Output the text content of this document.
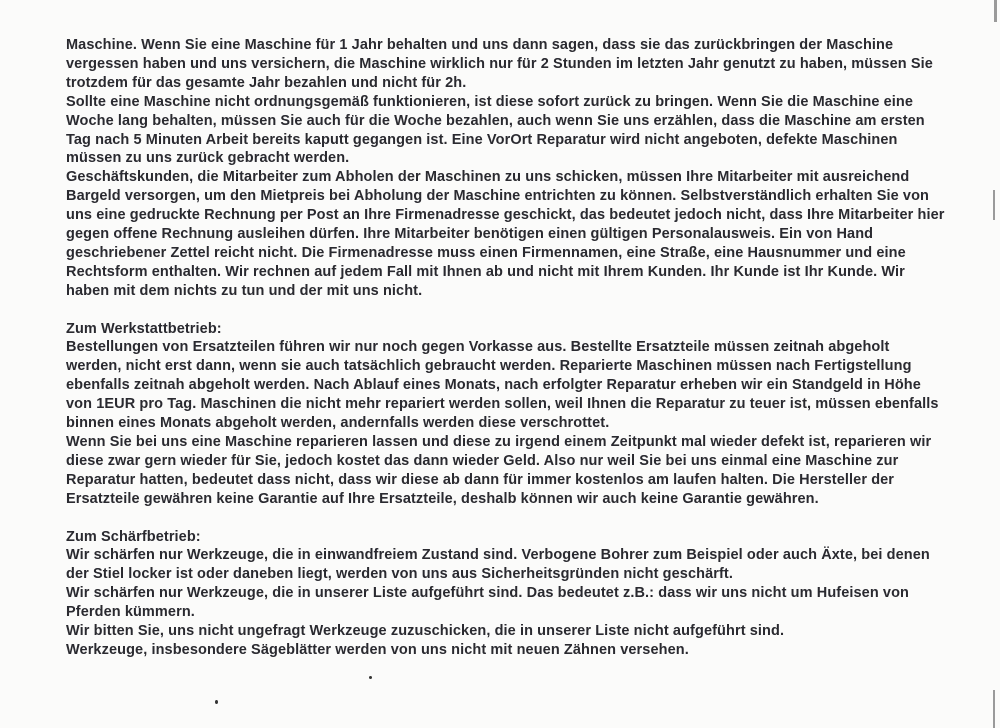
Maschine. Wenn Sie eine Maschine für 1 Jahr behalten und uns dann sagen, dass sie das zurückbringen der Maschine vergessen haben und uns versichern, die Maschine wirklich nur für 2 Stunden im letzten Jahr genutzt zu haben, müssen Sie trotzdem für das gesamte Jahr bezahlen und nicht für 2h.

Sollte eine Maschine nicht ordnungsgemäß funktionieren, ist diese sofort zurück zu bringen. Wenn Sie die Maschine eine Woche lang behalten, müssen Sie auch für die Woche bezahlen, auch wenn Sie uns erzählen, dass die Maschine am ersten Tag nach 5 Minuten Arbeit bereits kaputt gegangen ist. Eine VorOrt Reparatur wird nicht angeboten, defekte Maschinen müssen zu uns zurück gebracht werden.

Geschäftskunden, die Mitarbeiter zum Abholen der Maschinen zu uns schicken, müssen Ihre Mitarbeiter mit ausreichend Bargeld versorgen, um den Mietpreis bei Abholung der Maschine entrichten zu können. Selbstverständlich erhalten Sie von uns eine gedruckte Rechnung per Post an Ihre Firmenadresse geschickt, das bedeutet jedoch nicht, dass Ihre Mitarbeiter hier gegen offene Rechnung ausleihen dürfen. Ihre Mitarbeiter benötigen einen gültigen Personalausweis. Ein von Hand geschriebener Zettel reicht nicht. Die Firmenadresse muss einen Firmennamen, eine Straße, eine Hausnummer und eine Rechtsform enthalten. Wir rechnen auf jedem Fall mit Ihnen ab und nicht mit Ihrem Kunden. Ihr Kunde ist Ihr Kunde. Wir haben mit dem nichts zu tun und der mit uns nicht.

Zum Werkstattbetrieb:

Bestellungen von Ersatzteilen führen wir nur noch gegen Vorkasse aus. Bestellte Ersatzteile müssen zeitnah abgeholt werden, nicht erst dann, wenn sie auch tatsächlich gebraucht werden. Reparierte Maschinen müssen nach Fertigstellung ebenfalls zeitnah abgeholt werden. Nach Ablauf eines Monats, nach erfolgter Reparatur erheben wir ein Standgeld in Höhe von 1EUR pro Tag. Maschinen die nicht mehr repariert werden sollen, weil Ihnen die Reparatur zu teuer ist, müssen ebenfalls binnen eines Monats abgeholt werden, andernfalls werden diese verschrottet.

Wenn Sie bei uns eine Maschine reparieren lassen und diese zu irgend einem Zeitpunkt mal wieder defekt ist, reparieren wir diese zwar gern wieder für Sie, jedoch kostet das dann wieder Geld. Also nur weil Sie bei uns einmal eine Maschine zur Reparatur hatten, bedeutet dass nicht, dass wir diese ab dann für immer kostenlos am laufen halten. Die Hersteller der Ersatzteile gewähren keine Garantie auf Ihre Ersatzteile, deshalb können wir auch keine Garantie gewähren.

Zum Schärfbetrieb:

Wir schärfen nur Werkzeuge, die in einwandfreiem Zustand sind. Verbogene Bohrer zum Beispiel oder auch Äxte, bei denen der Stiel locker ist oder daneben liegt, werden von uns aus Sicherheitsgründen nicht geschärft.

Wir schärfen nur Werkzeuge, die in unserer Liste aufgeführt sind. Das bedeutet z.B.: dass wir uns nicht um Hufeisen von Pferden kümmern.

Wir bitten Sie, uns nicht ungefragt Werkzeuge zuzuschicken, die in unserer Liste nicht aufgeführt sind.

Werkzeuge, insbesondere Sägeblätter werden von uns nicht mit neuen Zähnen versehen.
